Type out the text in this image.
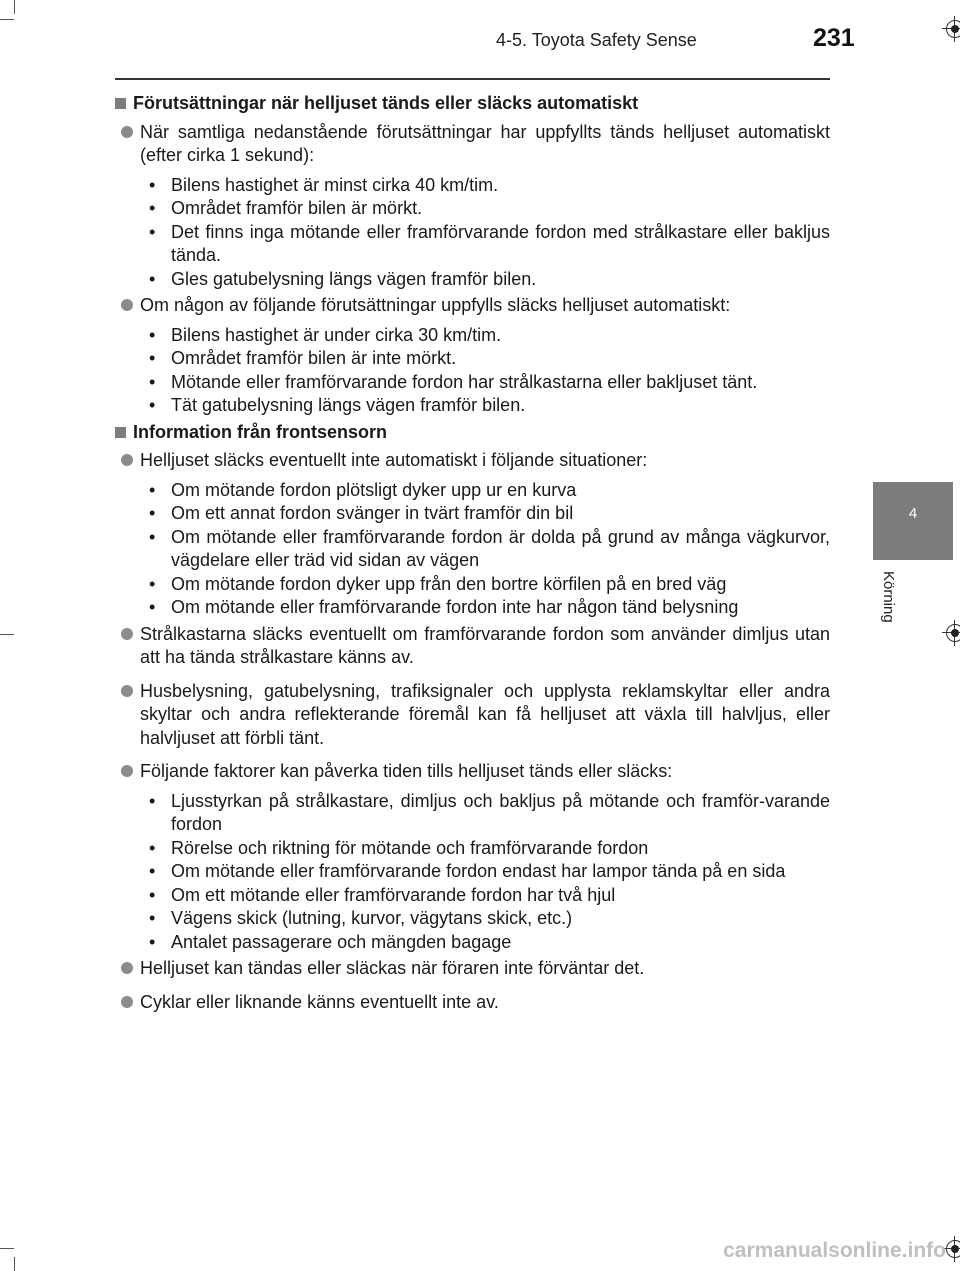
4-5. Toyota Safety Sense	231
4
Körning
Förutsättningar när helljuset tänds eller släcks automatiskt
När samtliga nedanstående förutsättningar har uppfyllts tänds helljuset automatiskt (efter cirka 1 sekund):
• Bilens hastighet är minst cirka 40 km/tim.
• Området framför bilen är mörkt.
• Det finns inga mötande eller framförvarande fordon med strålkastare eller bakljus tända.
• Gles gatubelysning längs vägen framför bilen.
Om någon av följande förutsättningar uppfylls släcks helljuset automatiskt:
• Bilens hastighet är under cirka 30 km/tim.
• Området framför bilen är inte mörkt.
• Mötande eller framförvarande fordon har strålkastarna eller bakljuset tänt.
• Tät gatubelysning längs vägen framför bilen.
Information från frontsensorn
Helljuset släcks eventuellt inte automatiskt i följande situationer:
• Om mötande fordon plötsligt dyker upp ur en kurva
• Om ett annat fordon svänger in tvärt framför din bil
• Om mötande eller framförvarande fordon är dolda på grund av många vägkurvor, vägdelare eller träd vid sidan av vägen
• Om mötande fordon dyker upp från den bortre körfilen på en bred väg
• Om mötande eller framförvarande fordon inte har någon tänd belysning
Strålkastarna släcks eventuellt om framförvarande fordon som använder dimljus utan att ha tända strålkastare känns av.
Husbelysning, gatubelysning, trafiksignaler och upplysta reklamskyltar eller andra skyltar och andra reflekterande föremål kan få helljuset att växla till halvljus, eller halvljuset att förbli tänt.
Följande faktorer kan påverka tiden tills helljuset tänds eller släcks:
• Ljusstyrkan på strålkastare, dimljus och bakljus på mötande och framför-varande fordon
• Rörelse och riktning för mötande och framförvarande fordon
• Om mötande eller framförvarande fordon endast har lampor tända på en sida
• Om ett mötande eller framförvarande fordon har två hjul
• Vägens skick (lutning, kurvor, vägytans skick, etc.)
• Antalet passagerare och mängden bagage
Helljuset kan tändas eller släckas när föraren inte förväntar det.
Cyklar eller liknande känns eventuellt inte av.
carmanualsonline.info
